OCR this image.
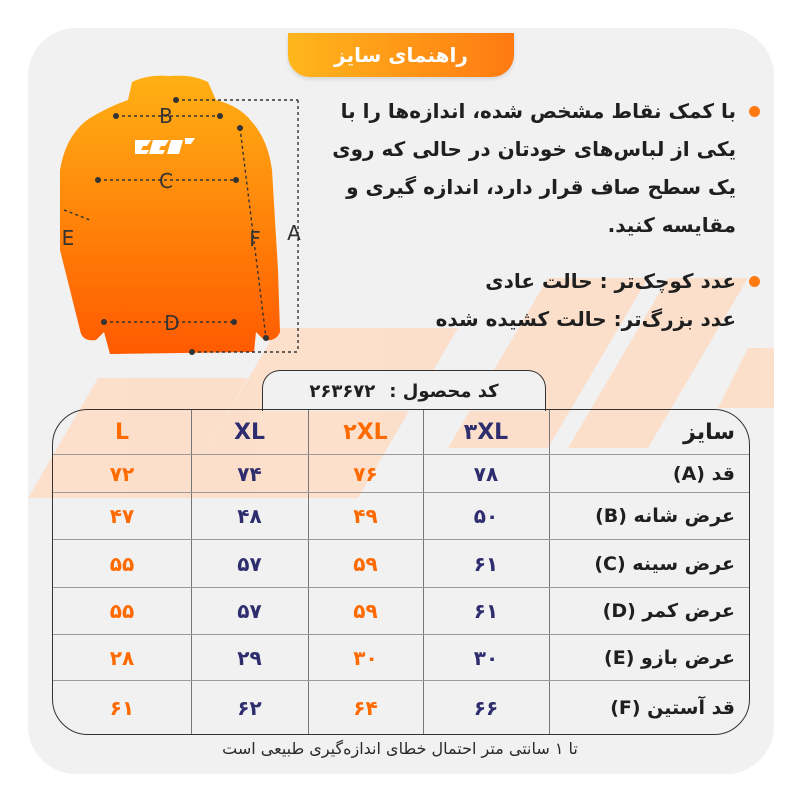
راهنمای سایز
B
C
D
E	F A
با کمک نقاط مشخص شده، اندازه‌ها را با یکی از لباس‌های خودتان در حالی که روی یک سطح صاف قرار دارد، اندازه گیری و مقایسه کنید.
عدد کوچک‌تر : حالت عادی
عدد بزرگ‌تر: حالت کشیده شده
کد محصول :
۲۶۳۶۷۲
L	XL	۲XL	۳XL	سایز
۷۲	۷۴	۷۶	۷۸	قد (A)
۴۷	۴۸	۴۹	۵۰	عرض شانه (B)
۵۵	۵۷	۵۹	۶۱	عرض سینه (C)
۵۵	۵۷	۵۹	۶۱	عرض کمر (D)
۲۸	۲۹	۳۰	۳۰	عرض بازو (E)
۶۱	۶۲	۶۴	۶۶	قد آستین (F)
تا ۱ سانتی متر احتمال خطای اندازه‌گیری طبیعی است
